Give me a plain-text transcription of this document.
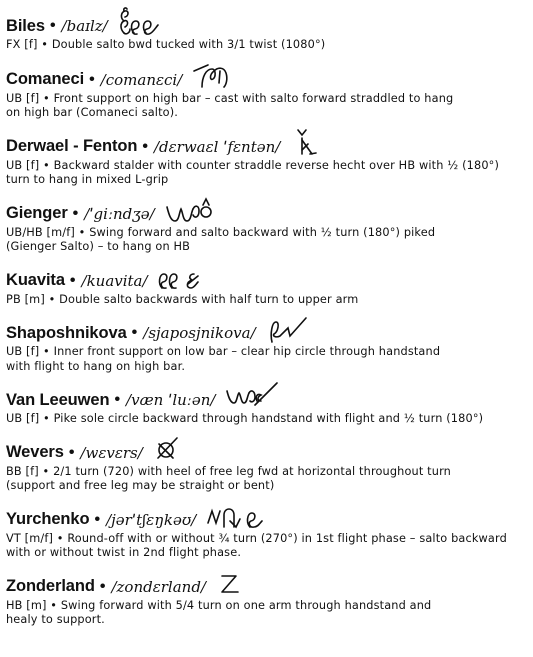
Biles • /baɪlz/
FX [f] • Double salto bwd tucked with 3/1 twist (1080°)
Comaneci • /comanɛci/
UB [f] • Front support on high bar – cast with salto forward straddled to hang
on high bar (Comaneci salto).
Derwael - Fenton • /dɛrwaɛl ˈfɛntən/
UB [f] • Backward stalder with counter straddle reverse hecht over HB with ½ (180°)
turn to hang in mixed L-grip
Gienger • /ˈgiːndʒə/
UB/HB [m/f] • Swing forward and salto backward with ½ turn (180°) piked
(Gienger Salto) – to hang on HB
Kuavita • /kuavita/
PB [m] • Double salto backwards with half turn to upper arm
Shaposhnikova • /sjaposjnikova/
UB [f] • Inner front support on low bar – clear hip circle through handstand
with flight to hang on high bar.
Van Leeuwen • /væn ˈluːən/
UB [f] • Pike sole circle backward through handstand with flight and ½ turn (180°)
Wevers • /wɛvɛrs/
BB [f] • 2/1 turn (720) with heel of free leg fwd at horizontal throughout turn
(support and free leg may be straight or bent)
Yurchenko • /jərˈtʃɛŋkəʊ/
VT [m/f] • Round-off with or without ¾ turn (270°) in 1st flight phase – salto backward
with or without twist in 2nd flight phase.
Zonderland • /zondɛrland/
HB [m] • Swing forward with 5/4 turn on one arm through handstand and
healy to support.
